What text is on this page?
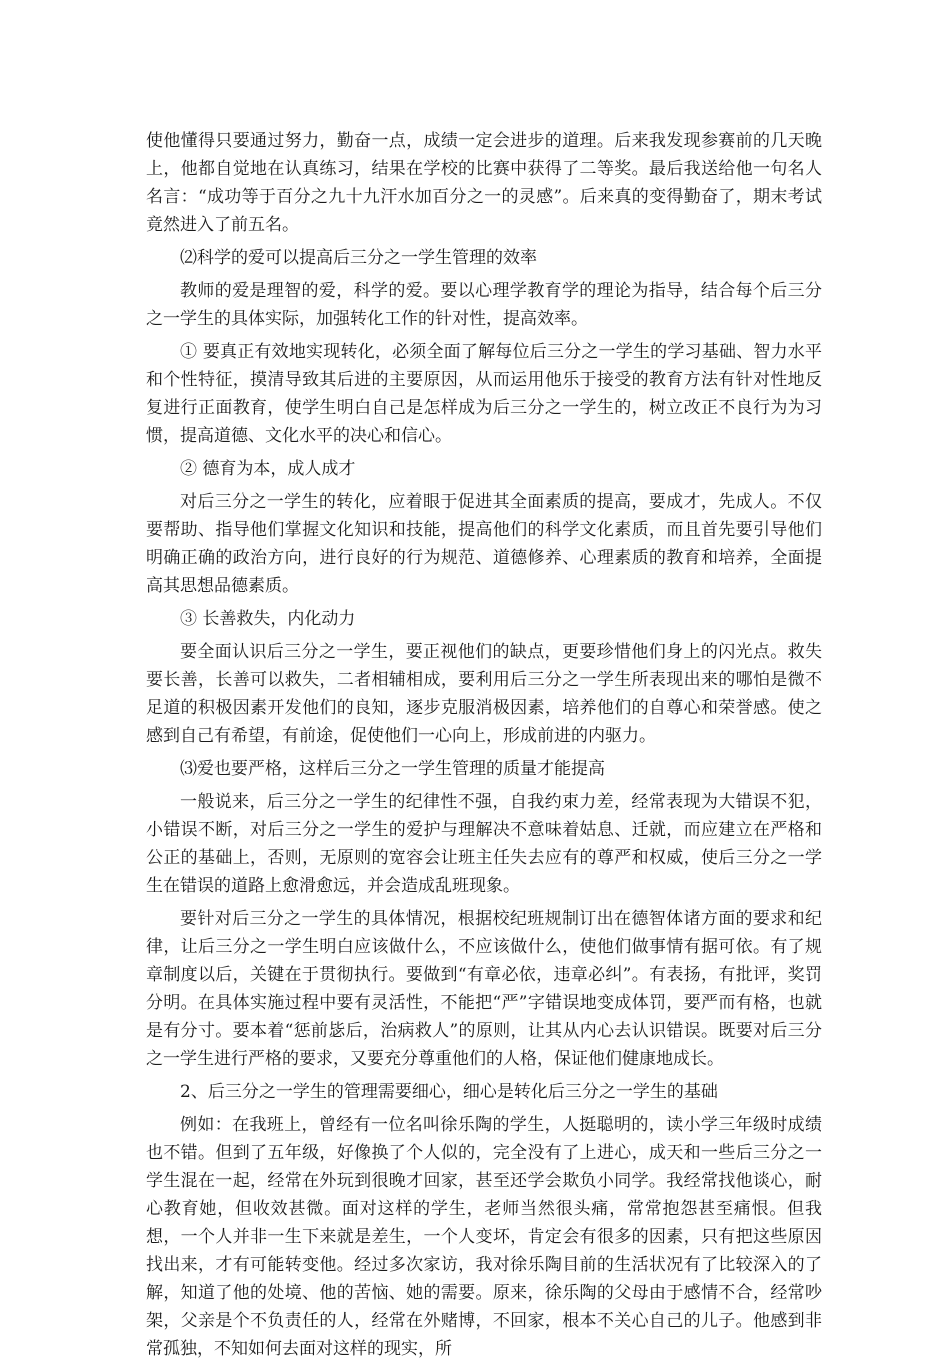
使他懂得只要通过努力，勤奋一点，成绩一定会进步的道理。后来我发现参赛前的几天晚上，他都自觉地在认真练习，结果在学校的比赛中获得了二等奖。最后我送给他一句名人名言：“成功等于百分之九十九汗水加百分之一的灵感”。后来真的变得勤奋了，期末考试竟然进入了前五名。

⑵科学的爱可以提高后三分之一学生管理的效率

教师的爱是理智的爱，科学的爱。要以心理学教育学的理论为指导，结合每个后三分之一学生的具体实际，加强转化工作的针对性，提高效率。

① 要真正有效地实现转化，必须全面了解每位后三分之一学生的学习基础、智力水平和个性特征，摸清导致其后进的主要原因，从而运用他乐于接受的教育方法有针对性地反复进行正面教育，使学生明白自己是怎样成为后三分之一学生的，树立改正不良行为为习惯，提高道德、文化水平的决心和信心。

② 德育为本，成人成才

对后三分之一学生的转化，应着眼于促进其全面素质的提高，要成才，先成人。不仅要帮助、指导他们掌握文化知识和技能，提高他们的科学文化素质，而且首先要引导他们明确正确的政治方向，进行良好的行为规范、道德修养、心理素质的教育和培养，全面提高其思想品德素质。

③ 长善救失，内化动力

要全面认识后三分之一学生，要正视他们的缺点，更要珍惜他们身上的闪光点。救失要长善，长善可以救失，二者相辅相成，要利用后三分之一学生所表现出来的哪怕是微不足道的积极因素开发他们的良知，逐步克服消极因素，培养他们的自尊心和荣誉感。使之感到自己有希望，有前途，促使他们一心向上，形成前进的内驱力。

⑶爱也要严格，这样后三分之一学生管理的质量才能提高

一般说来，后三分之一学生的纪律性不强，自我约束力差，经常表现为大错误不犯，小错误不断，对后三分之一学生的爱护与理解决不意味着姑息、迁就，而应建立在严格和公正的基础上，否则，无原则的宽容会让班主任失去应有的尊严和权威，使后三分之一学生在错误的道路上愈滑愈远，并会造成乱班现象。

要针对后三分之一学生的具体情况，根据校纪班规制订出在德智体诸方面的要求和纪律，让后三分之一学生明白应该做什么，不应该做什么，使他们做事情有据可依。有了规章制度以后，关键在于贯彻执行。要做到“有章必依，违章必纠”。有表扬，有批评，奖罚分明。在具体实施过程中要有灵活性，不能把“严”字错误地变成体罚，要严而有格，也就是有分寸。要本着“惩前毖后，治病救人”的原则，让其从内心去认识错误。既要对后三分之一学生进行严格的要求，又要充分尊重他们的人格，保证他们健康地成长。

2、后三分之一学生的管理需要细心，细心是转化后三分之一学生的基础

例如：在我班上，曾经有一位名叫徐乐陶的学生，人挺聪明的，读小学三年级时成绩也不错。但到了五年级，好像换了个人似的，完全没有了上进心，成天和一些后三分之一学生混在一起，经常在外玩到很晚才回家，甚至还学会欺负小同学。我经常找他谈心，耐心教育她，但收效甚微。面对这样的学生，老师当然很头痛，常常抱怨甚至痛恨。但我想，一个人并非一生下来就是差生，一个人变坏，肯定会有很多的因素，只有把这些原因找出来，才有可能转变他。经过多次家访，我对徐乐陶目前的生活状况有了比较深入的了解，知道了他的处境、他的苦恼、她的需要。原来，徐乐陶的父母由于感情不合，经常吵架，父亲是个不负责任的人，经常在外赌博，不回家，根本不关心自己的儿子。他感到非常孤独，不知如何去面对这样的现实，所
